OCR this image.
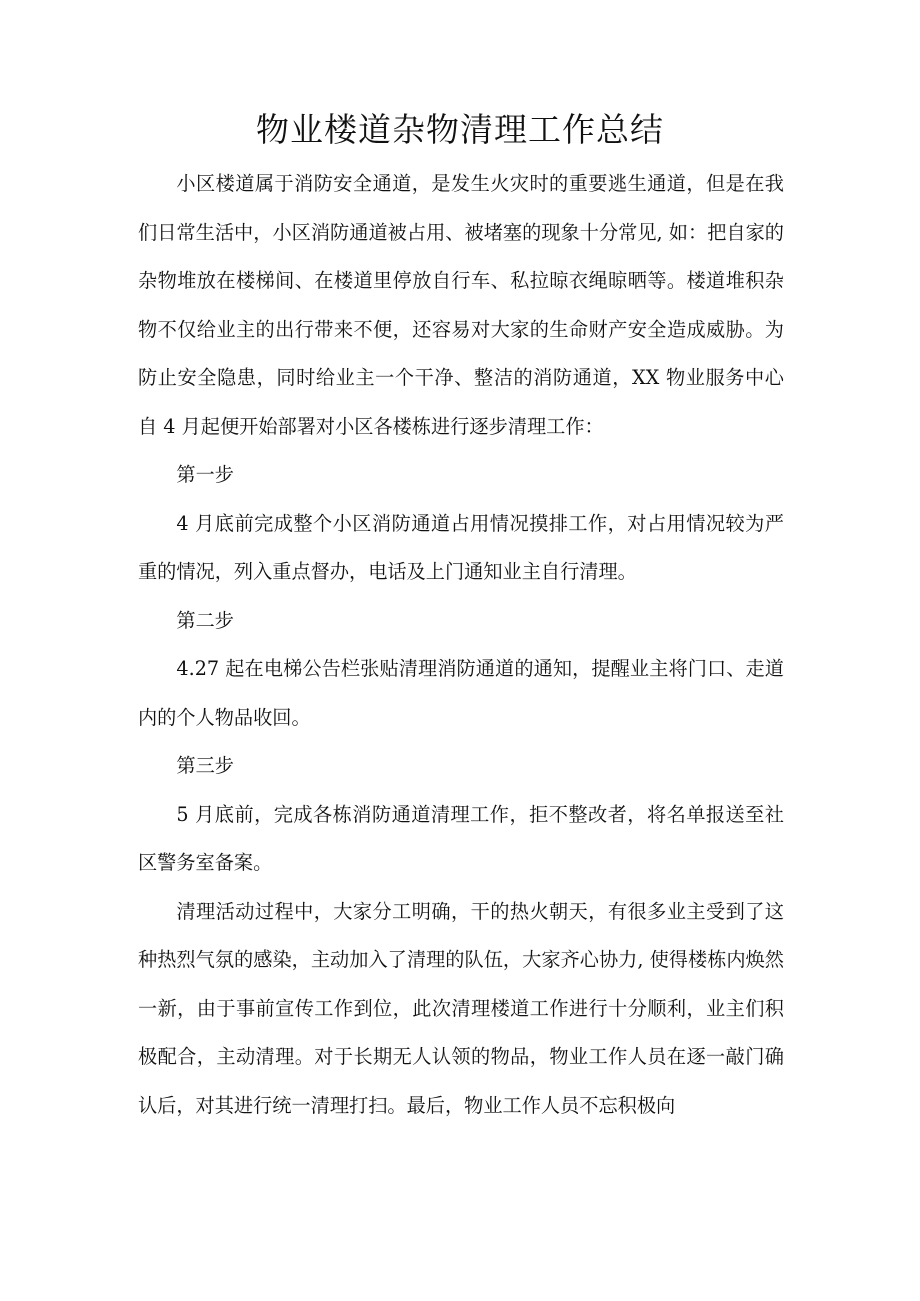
物业楼道杂物清理工作总结

小区楼道属于消防安全通道，是发生火灾时的重要逃生通道，但是在我们日常生活中，小区消防通道被占用、被堵塞的现象十分常见, 如：把自家的杂物堆放在楼梯间、在楼道里停放自行车、私拉晾衣绳晾晒等。楼道堆积杂物不仅给业主的出行带来不便，还容易对大家的生命财产安全造成威胁。为防止安全隐患，同时给业主一个干净、整洁的消防通道，XX 物业服务中心自 4 月起便开始部署对小区各楼栋进行逐步清理工作：

第一步

4 月底前完成整个小区消防通道占用情况摸排工作，对占用情况较为严重的情况，列入重点督办，电话及上门通知业主自行清理。

第二步

4.27 起在电梯公告栏张贴清理消防通道的通知，提醒业主将门口、走道内的个人物品收回。

第三步

5 月底前，完成各栋消防通道清理工作，拒不整改者，将名单报送至社区警务室备案。

清理活动过程中，大家分工明确，干的热火朝天，有很多业主受到了这种热烈气氛的感染，主动加入了清理的队伍，大家齐心协力, 使得楼栋内焕然一新，由于事前宣传工作到位，此次清理楼道工作进行十分顺利，业主们积极配合，主动清理。对于长期无人认领的物品，物业工作人员在逐一敲门确认后，对其进行统一清理打扫。最后，物业工作人员不忘积极向
